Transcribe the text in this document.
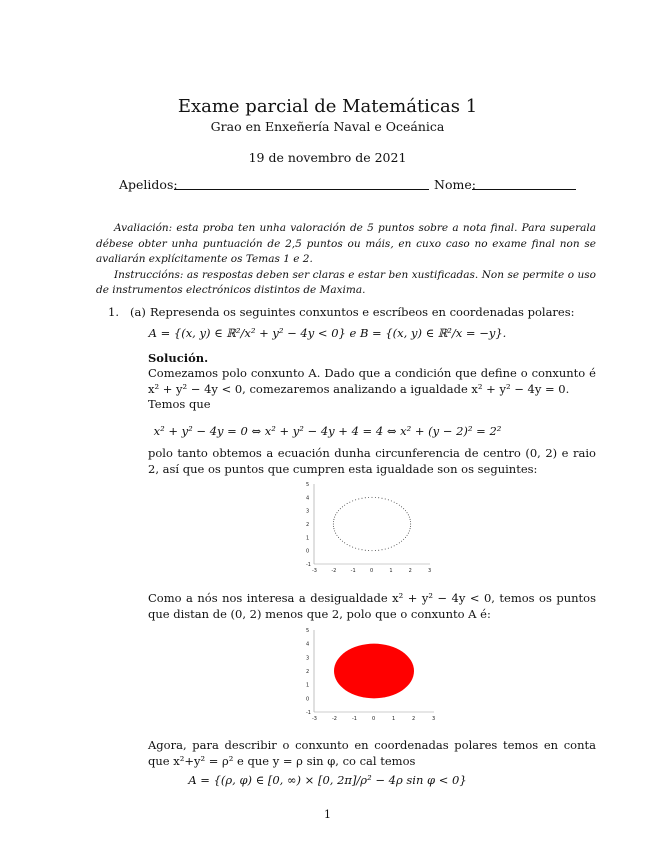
Exame parcial de Matemáticas 1
Grao en Enxeñería Naval e Oceánica
19 de novembro de 2021
Apelidos:	Nome:

Avaliación: esta proba ten unha valoración de 5 puntos sobre a nota final. Para superala débese obter unha puntuación de 2,5 puntos ou máis, en cuxo caso no exame final non se avaliarán explícitamente os Temas 1 e 2.

Instruccións: as respostas deben ser claras e estar ben xustificadas. Non se permite o uso de instrumentos electrónicos distintos de Maxima.

1. (a) Represenda os seguintes conxuntos e escríbeos en coordenadas polares:
A = {(x, y) ∈ ℝ²/x² + y² − 4y < 0} e B = {(x, y) ∈ ℝ²/x = −y}.
Solución.
Comezamos polo conxunto A. Dado que a condición que define o conxunto é x² + y² − 4y < 0, comezaremos analizando a igualdade x² + y² − 4y = 0.
Temos que
x² + y² − 4y = 0 ⇔ x² + y² − 4y + 4 = 4 ⇔ x² + (y − 2)² = 2²
polo tanto obtemos a ecuación dunha circunferencia de centro (0, 2) e raio 2, así que os puntos que cumpren esta igualdade son os seguintes:
5
4
3
2
1
0
-1
-3	-2	-1	0	1	2	3
Como a nós nos interesa a desigualdade x² + y² − 4y < 0, temos os puntos que distan de (0, 2) menos que 2, polo que o conxunto A é:
5
4
3
2
1
0
-1
-3	-2	-1	0	1	2	3
Agora, para describir o conxunto en coordenadas polares temos en conta que x²+y² = ρ² e que y = ρ sin φ, co cal temos
A = {(ρ, φ) ∈ [0, ∞) × [0, 2π]/ρ² − 4ρ sin φ < 0}
1
